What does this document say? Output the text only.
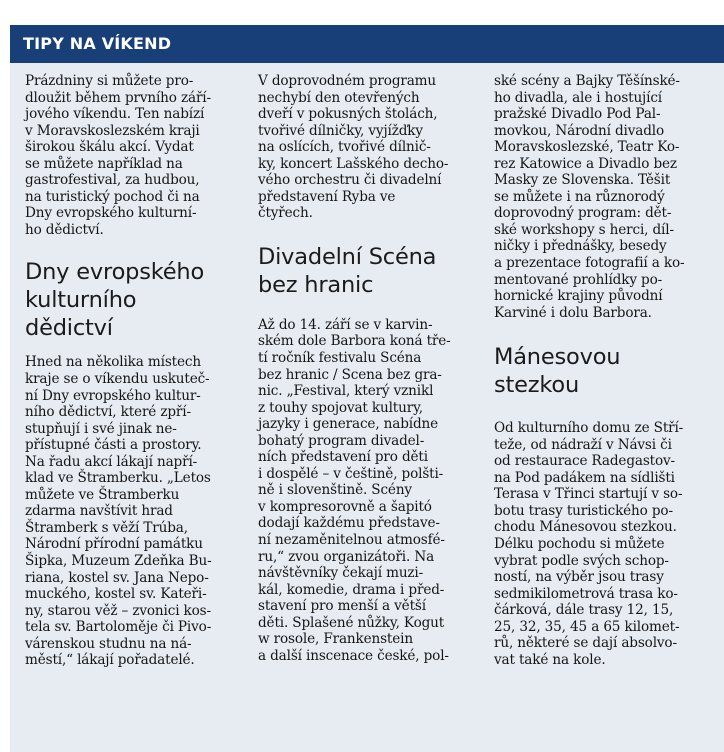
TIPY NA VÍKEND

Prázdniny si můžete pro-
dloužit během prvního září-
jového víkendu. Ten nabízí
v Moravskoslezském kraji
širokou škálu akcí. Vydat
se můžete například na
gastrofestival, za hudbou,
na turistický pochod či na
Dny evropského kulturní-
ho dědictví.

Dny evropského
kulturního
dědictví

Hned na několika místech
kraje se o víkendu uskuteč-
ní Dny evropského kultur-
ního dědictví, které zpří-
stupňují i své jinak ne-
přístupné části a prostory.
Na řadu akcí lákají napří-
klad ve Štramberku. „Letos
můžete ve Štramberku
zdarma navštívit hrad
Štramberk s věží Trúba,
Národní přírodní památku
Šipka, Muzeum Zdeňka Bu-
riana, kostel sv. Jana Nepo-
muckého, kostel sv. Kateři-
ny, starou věž – zvonici kos-
tela sv. Bartoloměje či Pivo-
várenskou studnu na ná-
městí,“ lákají pořadatelé.

V doprovodném programu
nechybí den otevřených
dveří v pokusných štolách,
tvořivé dílničky, vyjížďky
na oslících, tvořivé dílnič-
ky, koncert Lašského decho-
vého orchestru či divadelní
představení Ryba ve
čtyřech.

Divadelní Scéna
bez hranic

Až do 14. září se v karvin-
ském dole Barbora koná tře-
tí ročník festivalu Scéna
bez hranic / Scena bez gra-
nic. „Festival, který vznikl
z touhy spojovat kultury,
jazyky i generace, nabídne
bohatý program divadel-
ních představení pro děti
i dospělé – v češtině, polšti-
ně i slovenštině. Scény
v kompresorovně a šapitó
dodají každému představe-
ní nezaměnitelnou atmosfé-
ru,“ zvou organizátoři. Na
návštěvníky čekají muzi-
kál, komedie, drama i před-
stavení pro menší a větší
děti. Splašené nůžky, Kogut
w rosole, Frankenstein
a další inscenace české, pol-

ské scény a Bajky Těšínské-
ho divadla, ale i hostující
pražské Divadlo Pod Pal-
movkou, Národní divadlo
Moravskoslezské, Teatr Ko-
rez Katowice a Divadlo bez
Masky ze Slovenska. Těšit
se můžete i na různorodý
doprovodný program: dět-
ské workshopy s herci, díl-
ničky i přednášky, besedy
a prezentace fotografií a ko-
mentované prohlídky po-
hornické krajiny původní
Karviné i dolu Barbora.

Mánesovou
stezkou

Od kulturního domu ze Stří-
teže, od nádraží v Návsi či
od restaurace Radegastov-
na Pod padákem na sídlišti
Terasa v Třinci startují v so-
botu trasy turistického po-
chodu Mánesovou stezkou.
Délku pochodu si můžete
vybrat podle svých schop-
ností, na výběr jsou trasy
sedmikilometrová trasa ko-
čárková, dále trasy 12, 15,
25, 32, 35, 45 a 65 kilomet-
rů, některé se dají absolvo-
vat také na kole.
